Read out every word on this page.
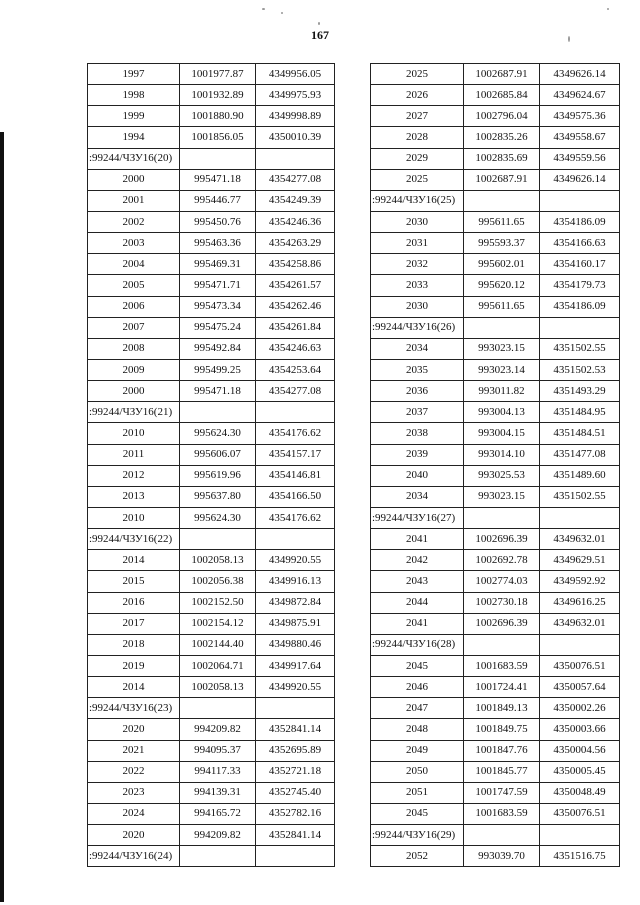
167
1997	1001977.87	4349956.05
1998	1001932.89	4349975.93
1999	1001880.90	4349998.89
1994	1001856.05	4350010.39
:99244/ЧЗУ16(20)		
2000	995471.18	4354277.08
2001	995446.77	4354249.39
2002	995450.76	4354246.36
2003	995463.36	4354263.29
2004	995469.31	4354258.86
2005	995471.71	4354261.57
2006	995473.34	4354262.46
2007	995475.24	4354261.84
2008	995492.84	4354246.63
2009	995499.25	4354253.64
2000	995471.18	4354277.08
:99244/ЧЗУ16(21)		
2010	995624.30	4354176.62
2011	995606.07	4354157.17
2012	995619.96	4354146.81
2013	995637.80	4354166.50
2010	995624.30	4354176.62
:99244/ЧЗУ16(22)		
2014	1002058.13	4349920.55
2015	1002056.38	4349916.13
2016	1002152.50	4349872.84
2017	1002154.12	4349875.91
2018	1002144.40	4349880.46
2019	1002064.71	4349917.64
2014	1002058.13	4349920.55
:99244/ЧЗУ16(23)		
2020	994209.82	4352841.14
2021	994095.37	4352695.89
2022	994117.33	4352721.18
2023	994139.31	4352745.40
2024	994165.72	4352782.16
2020	994209.82	4352841.14
:99244/ЧЗУ16(24)		
2025	1002687.91	4349626.14
2026	1002685.84	4349624.67
2027	1002796.04	4349575.36
2028	1002835.26	4349558.67
2029	1002835.69	4349559.56
2025	1002687.91	4349626.14
:99244/ЧЗУ16(25)		
2030	995611.65	4354186.09
2031	995593.37	4354166.63
2032	995602.01	4354160.17
2033	995620.12	4354179.73
2030	995611.65	4354186.09
:99244/ЧЗУ16(26)		
2034	993023.15	4351502.55
2035	993023.14	4351502.53
2036	993011.82	4351493.29
2037	993004.13	4351484.95
2038	993004.15	4351484.51
2039	993014.10	4351477.08
2040	993025.53	4351489.60
2034	993023.15	4351502.55
:99244/ЧЗУ16(27)		
2041	1002696.39	4349632.01
2042	1002692.78	4349629.51
2043	1002774.03	4349592.92
2044	1002730.18	4349616.25
2041	1002696.39	4349632.01
:99244/ЧЗУ16(28)		
2045	1001683.59	4350076.51
2046	1001724.41	4350057.64
2047	1001849.13	4350002.26
2048	1001849.75	4350003.66
2049	1001847.76	4350004.56
2050	1001845.77	4350005.45
2051	1001747.59	4350048.49
2045	1001683.59	4350076.51
:99244/ЧЗУ16(29)		
2052	993039.70	4351516.75
